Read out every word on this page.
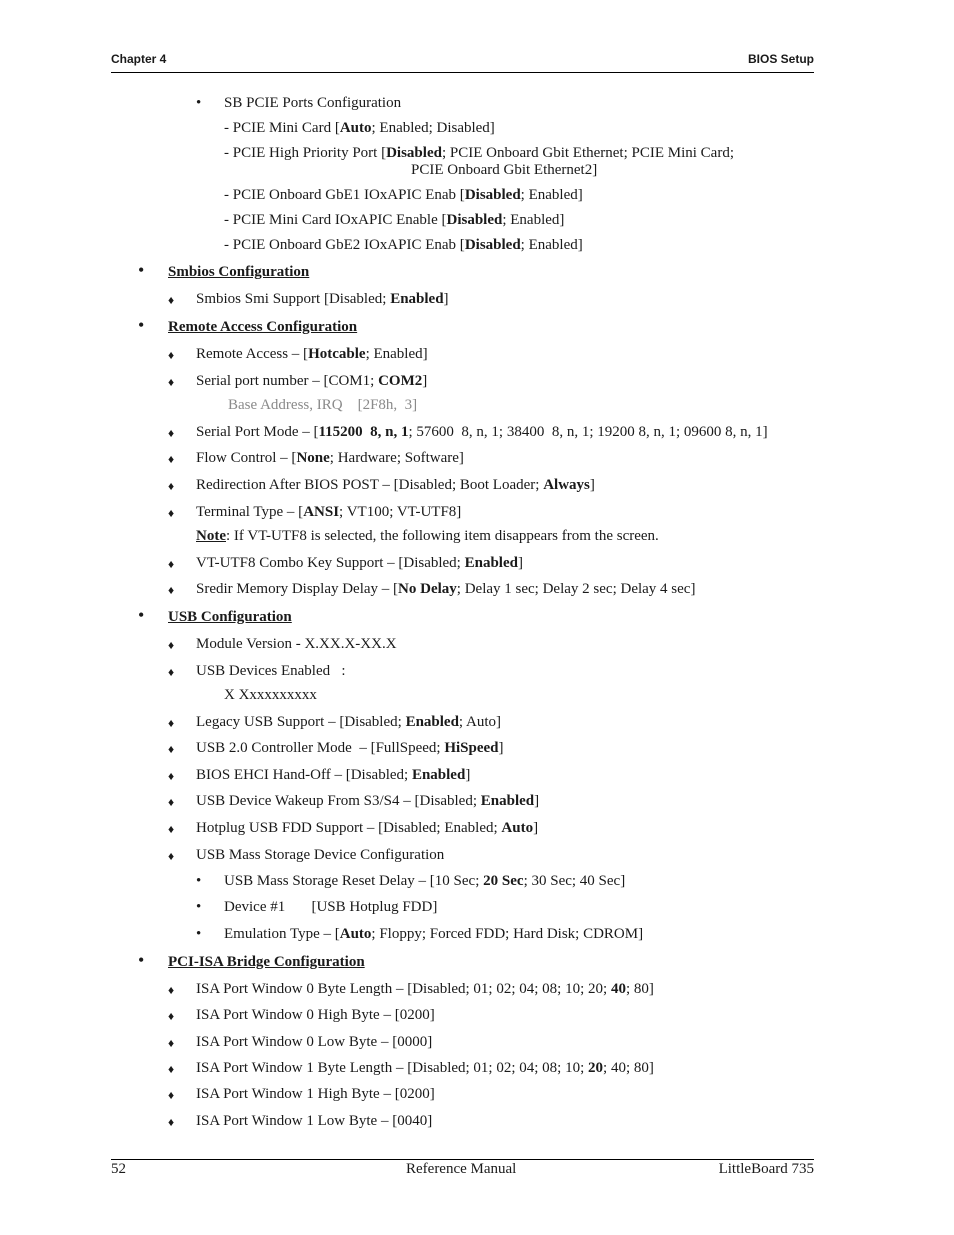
Chapter 4	BIOS Setup
• SB PCIE Ports Configuration
- PCIE Mini Card [Auto; Enabled; Disabled]
- PCIE High Priority Port [Disabled; PCIE Onboard Gbit Ethernet; PCIE Mini Card;
PCIE Onboard Gbit Ethernet2]
- PCIE Onboard GbE1 IOxAPIC Enab [Disabled; Enabled]
- PCIE Mini Card IOxAPIC Enable [Disabled; Enabled]
- PCIE Onboard GbE2 IOxAPIC Enab [Disabled; Enabled]
• Smbios Configuration
♦ Smbios Smi Support [Disabled; Enabled]
• Remote Access Configuration
♦ Remote Access – [Hotcable; Enabled]
♦ Serial port number – [COM1; COM2]
Base Address, IRQ    [2F8h,  3]
♦ Serial Port Mode – [115200  8, n, 1; 57600  8, n, 1; 38400  8, n, 1; 19200 8, n, 1; 09600 8, n, 1]
♦ Flow Control – [None; Hardware; Software]
♦ Redirection After BIOS POST – [Disabled; Boot Loader; Always]
♦ Terminal Type – [ANSI; VT100; VT-UTF8]
Note: If VT-UTF8 is selected, the following item disappears from the screen.
♦ VT-UTF8 Combo Key Support – [Disabled; Enabled]
♦ Sredir Memory Display Delay – [No Delay; Delay 1 sec; Delay 2 sec; Delay 4 sec]
• USB Configuration
♦ Module Version - X.XX.X-XX.X
♦ USB Devices Enabled   :
X Xxxxxxxxxx
♦ Legacy USB Support – [Disabled; Enabled; Auto]
♦ USB 2.0 Controller Mode  – [FullSpeed; HiSpeed]
♦ BIOS EHCI Hand-Off – [Disabled; Enabled]
♦ USB Device Wakeup From S3/S4 – [Disabled; Enabled]
♦ Hotplug USB FDD Support – [Disabled; Enabled; Auto]
♦ USB Mass Storage Device Configuration
• USB Mass Storage Reset Delay – [10 Sec; 20 Sec; 30 Sec; 40 Sec]
• Device #1       [USB Hotplug FDD]
• Emulation Type – [Auto; Floppy; Forced FDD; Hard Disk; CDROM]
• PCI-ISA Bridge Configuration
♦ ISA Port Window 0 Byte Length – [Disabled; 01; 02; 04; 08; 10; 20; 40; 80]
♦ ISA Port Window 0 High Byte – [0200]
♦ ISA Port Window 0 Low Byte – [0000]
♦ ISA Port Window 1 Byte Length – [Disabled; 01; 02; 04; 08; 10; 20; 40; 80]
♦ ISA Port Window 1 High Byte – [0200]
♦ ISA Port Window 1 Low Byte – [0040]
52	Reference Manual	LittleBoard 735
